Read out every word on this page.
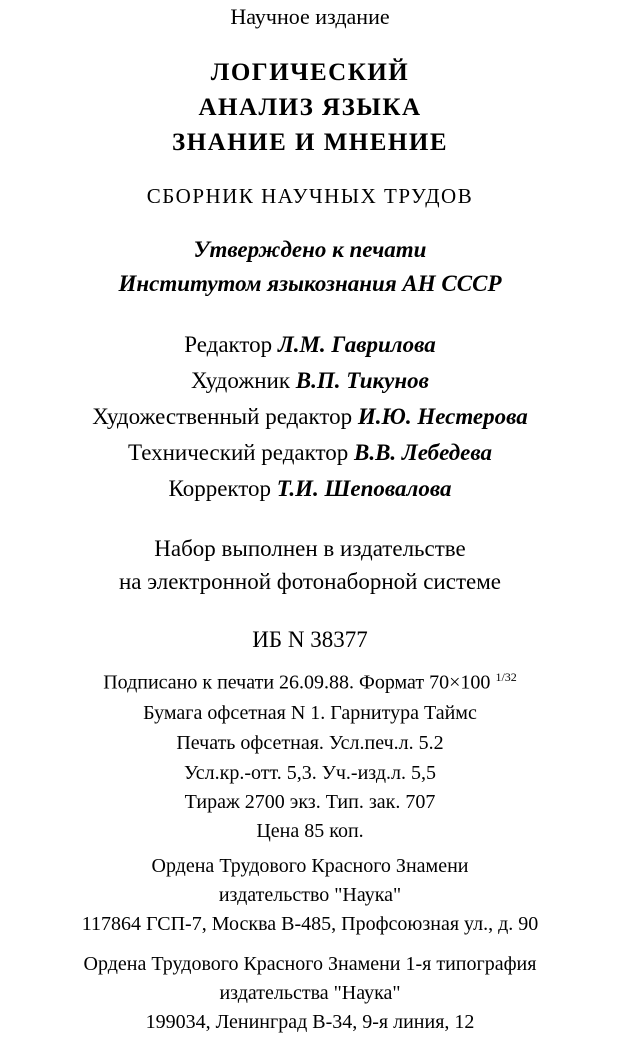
Научное издание
ЛОГИЧЕСКИЙ
АНАЛИЗ ЯЗЫКА
ЗНАНИЕ И МНЕНИЕ
СБОРНИК НАУЧНЫХ ТРУДОВ
Утверждено к печати
Институтом языкознания АН СССР
Редактор Л.М. Гаврилова
Художник В.П. Тикунов
Художественный редактор И.Ю. Нестерова
Технический редактор В.В. Лебедева
Корректор Т.И. Шеповалова
Набор выполнен в издательстве
на электронной фотонаборной системе
ИБ N 38377
Подписано к печати 26.09.88. Формат 70×100 $^{1/32}$
Бумага офсетная N 1. Гарнитура Таймс
Печать офсетная. Усл.печ.л. 5.2
Усл.кр.-отт. 5,3. Уч.-изд.л. 5,5
Тираж 2700 экз. Тип. зак. 707
Цена 85 коп.
Ордена Трудового Красного Знамени
издательство "Наука"
117864 ГСП-7, Москва В-485, Профсоюзная ул., д. 90
Ордена Трудового Красного Знамени 1-я типография
издательства "Наука"
199034, Ленинград В-34, 9-я линия, 12
